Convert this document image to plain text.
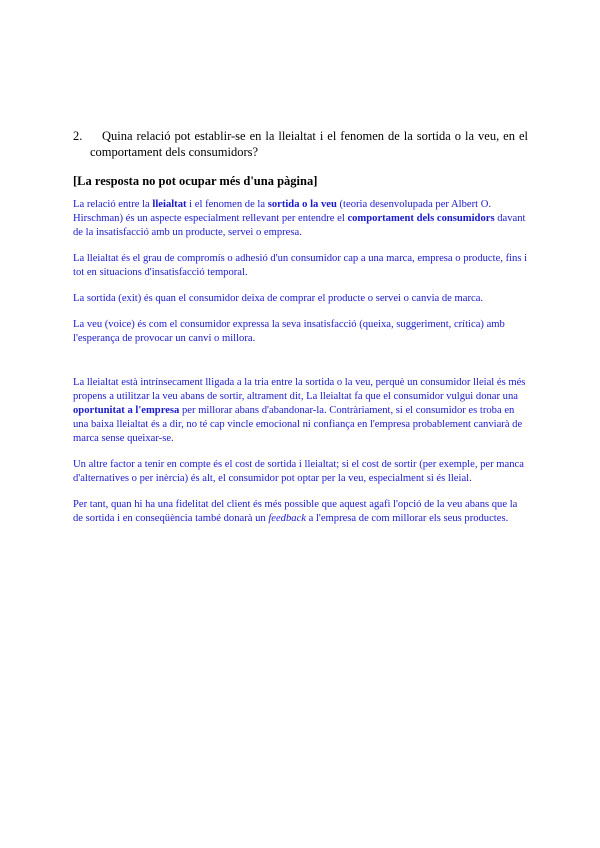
2.	Quina relació pot establir-se en la lleialtat i el fenomen de la sortida o la veu, en el comportament dels consumidors?
[La resposta no pot ocupar més d'una pàgina]

La relació entre la lleialtat i el fenomen de la sortida o la veu (teoria desenvolupada per Albert O. Hirschman) és un aspecte especialment rellevant per entendre el comportament dels consumidors davant de la insatisfacció amb un producte, servei o empresa.

La lleialtat és el grau de compromís o adhesió d'un consumidor cap a una marca, empresa o producte, fins i tot en situacions d'insatisfacció temporal.

La sortida (exit) és quan el consumidor deixa de comprar el producte o servei o canvia de marca.

La veu (voice) és com el consumidor expressa la seva insatisfacció (queixa, suggeriment, crítica) amb l'esperança de provocar un canvi o millora.

La lleialtat està intrínsecament lligada a la tria entre la sortida o la veu, perquè un consumidor lleial és més propens a utilitzar la veu abans de sortir, altrament dit, La lleialtat fa que el consumidor vulgui donar una oportunitat a l'empresa per millorar abans d'abandonar-la. Contràriament, si el consumidor es troba en una baixa lleialtat és a dir, no té cap vincle emocional ni confiança en l'empresa probablement canviarà de marca sense queixar-se.

Un altre factor a tenir en compte és el cost de sortida i lleialtat; si el cost de sortir (per exemple, per manca d'alternatives o per inèrcia) és alt, el consumidor pot optar per la veu, especialment si és lleial.

Per tant, quan hi ha una fidelitat del client és més possible que aquest agafi l'opció de la veu abans que la de sortida i en conseqüència també donarà un feedback a l'empresa de com millorar els seus productes.
